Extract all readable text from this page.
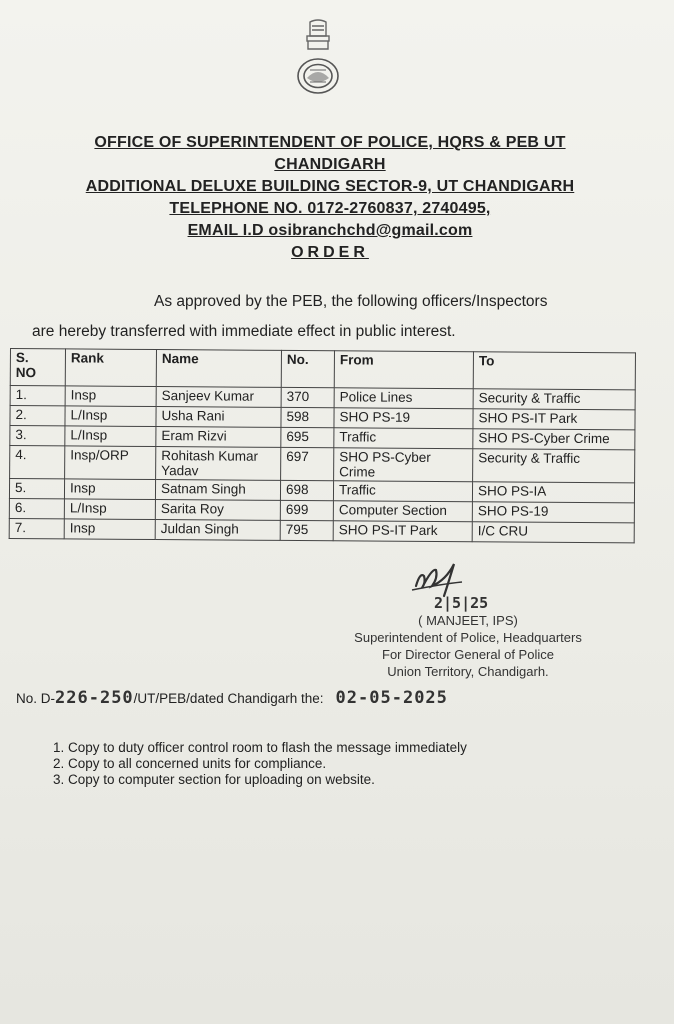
OFFICE OF SUPERINTENDENT OF POLICE, HQRS & PEB UT
CHANDIGARH
ADDITIONAL DELUXE BUILDING SECTOR-9, UT CHANDIGARH
TELEPHONE NO. 0172-2760837, 2740495,
EMAIL I.D osibranchchd@gmail.com
ORDER
As approved by the PEB, the following officers/Inspectors
are hereby transferred with immediate effect in public interest.
S.
NO	Rank	Name	No.	From	To
1.	Insp	Sanjeev Kumar	370	Police Lines	Security & Traffic
2.	L/Insp	Usha Rani	598	SHO PS-19	SHO PS-IT Park
3.	L/Insp	Eram Rizvi	695	Traffic	SHO PS-Cyber Crime
4.	Insp/ORP	Rohitash Kumar Yadav	697	SHO PS-Cyber Crime	Security & Traffic
5.	Insp	Satnam Singh	698	Traffic	SHO PS-IA
6.	L/Insp	Sarita Roy	699	Computer Section	SHO PS-19
7.	Insp	Juldan Singh	795	SHO PS-IT Park	I/C CRU
2|5|25
( MANJEET, IPS)
Superintendent of Police, Headquarters
For Director General of Police
Union Territory, Chandigarh.
No. D-226-250/UT/PEB/dated Chandigarh the: 02-05-2025
1. Copy to duty officer control room to flash the message immediately
2. Copy to all concerned units for compliance.
3. Copy to computer section for uploading on website.
